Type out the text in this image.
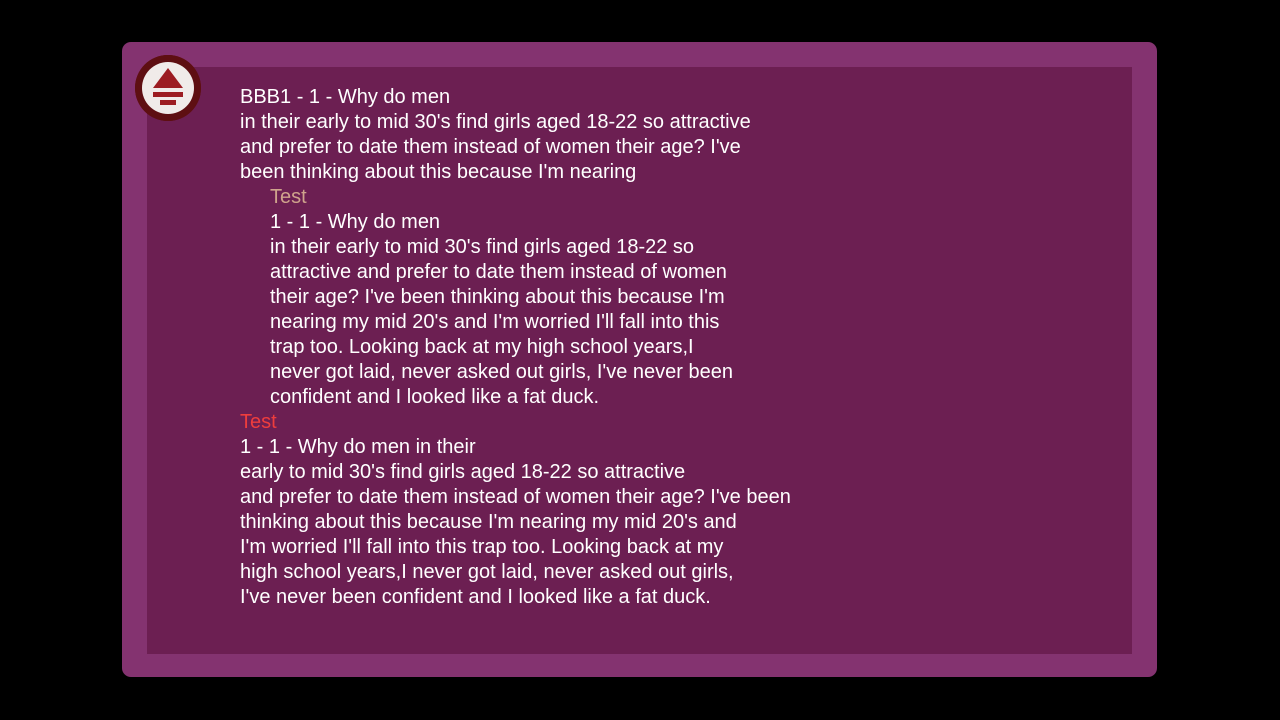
BBB1 - 1 - Why do men
in their early to mid 30's find girls aged 18-22 so attractive
and prefer to date them instead of women their age? I've
been thinking about this because I'm nearing
Test
1 - 1 - Why do men
in their early to mid 30's find girls aged 18-22 so
attractive and prefer to date them instead of women
their age? I've been thinking about this because I'm
nearing my mid 20's and I'm worried I'll fall into this
trap too. Looking back at my high school years,I
never got laid, never asked out girls, I've never been
confident and I looked like a fat duck.
Test
1 - 1 - Why do men in their
early to mid 30's find girls aged 18-22 so attractive
and prefer to date them instead of women their age? I've been
thinking about this because I'm nearing my mid 20's and
I'm worried I'll fall into this trap too. Looking back at my
high school years,I never got laid, never asked out girls,
I've never been confident and I looked like a fat duck.
